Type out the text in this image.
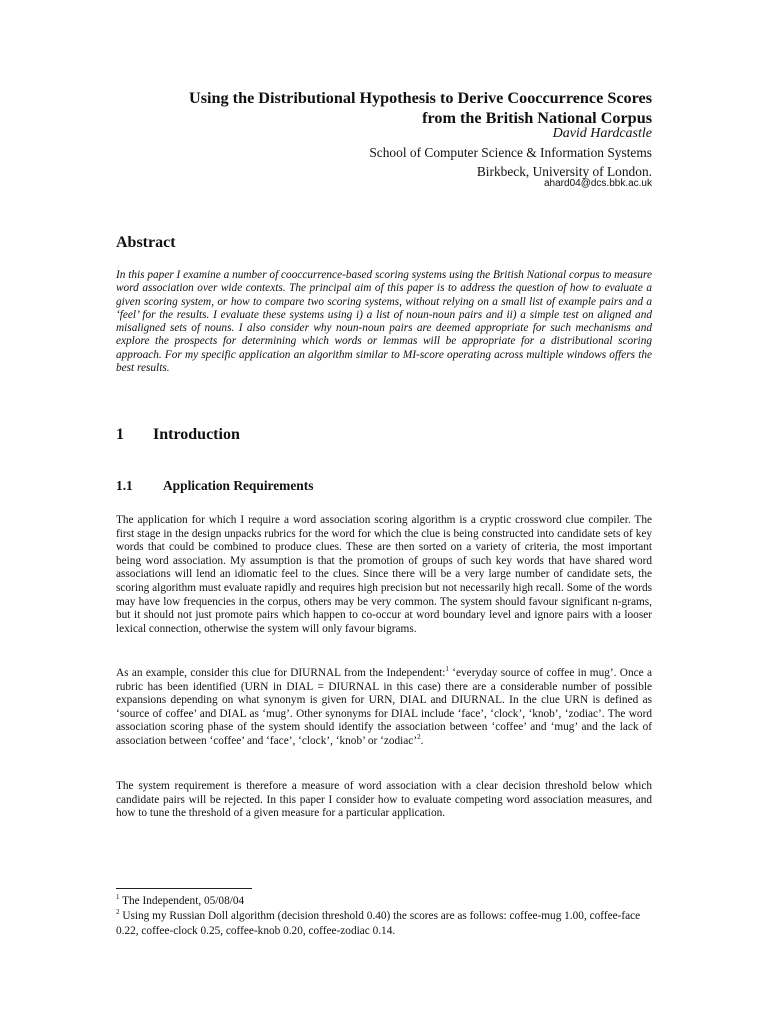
Using the Distributional Hypothesis to Derive Cooccurrence Scores
from the British National Corpus
David Hardcastle
School of Computer Science & Information Systems
Birkbeck, University of London.
ahard04@dcs.bbk.ac.uk
Abstract
In this paper I examine a number of cooccurrence-based scoring systems using the British National corpus to measure word association over wide contexts. The principal aim of this paper is to address the question of how to evaluate a given scoring system, or how to compare two scoring systems, without relying on a small list of example pairs and a ‘feel’ for the results. I evaluate these systems using i) a list of noun-noun pairs and ii) a simple test on aligned and misaligned sets of nouns. I also consider why noun-noun pairs are deemed appropriate for such mechanisms and explore the prospects for determining which words or lemmas will be appropriate for a distributional scoring approach. For my specific application an algorithm similar to MI-score operating across multiple windows offers the best results.
1 Introduction
1.1 Application Requirements
The application for which I require a word association scoring algorithm is a cryptic crossword clue compiler. The first stage in the design unpacks rubrics for the word for which the clue is being constructed into candidate sets of key words that could be combined to produce clues. These are then sorted on a variety of criteria, the most important being word association. My assumption is that the promotion of groups of such key words that have shared word associations will lend an idiomatic feel to the clues. Since there will be a very large number of candidate sets, the scoring algorithm must evaluate rapidly and requires high precision but not necessarily high recall. Some of the words may have low frequencies in the corpus, others may be very common. The system should favour significant n-grams, but it should not just promote pairs which happen to co-occur at word boundary level and ignore pairs with a looser lexical connection, otherwise the system will only favour bigrams.
As an example, consider this clue for DIURNAL from the Independent:$^1$ ‘everyday source of coffee in mug’. Once a rubric has been identified (URN in DIAL = DIURNAL in this case) there are a considerable number of possible expansions depending on what synonym is given for URN, DIAL and DIURNAL. In the clue URN is defined as ‘source of coffee’ and DIAL as ‘mug’. Other synonyms for DIAL include ‘face’, ‘clock’, ‘knob’, ‘zodiac’. The word association scoring phase of the system should identify the association between ‘coffee’ and ‘mug’ and the lack of association between ‘coffee’ and ‘face’, ‘clock’, ‘knob’ or ‘zodiac’$^2$.
The system requirement is therefore a measure of word association with a clear decision threshold below which candidate pairs will be rejected. In this paper I consider how to evaluate competing word association measures, and how to tune the threshold of a given measure for a particular application.
$^1$ The Independent, 05/08/04
$^2$ Using my Russian Doll algorithm (decision threshold 0.40) the scores are as follows: coffee-mug 1.00, coffee-face 0.22, coffee-clock 0.25, coffee-knob 0.20, coffee-zodiac 0.14.
